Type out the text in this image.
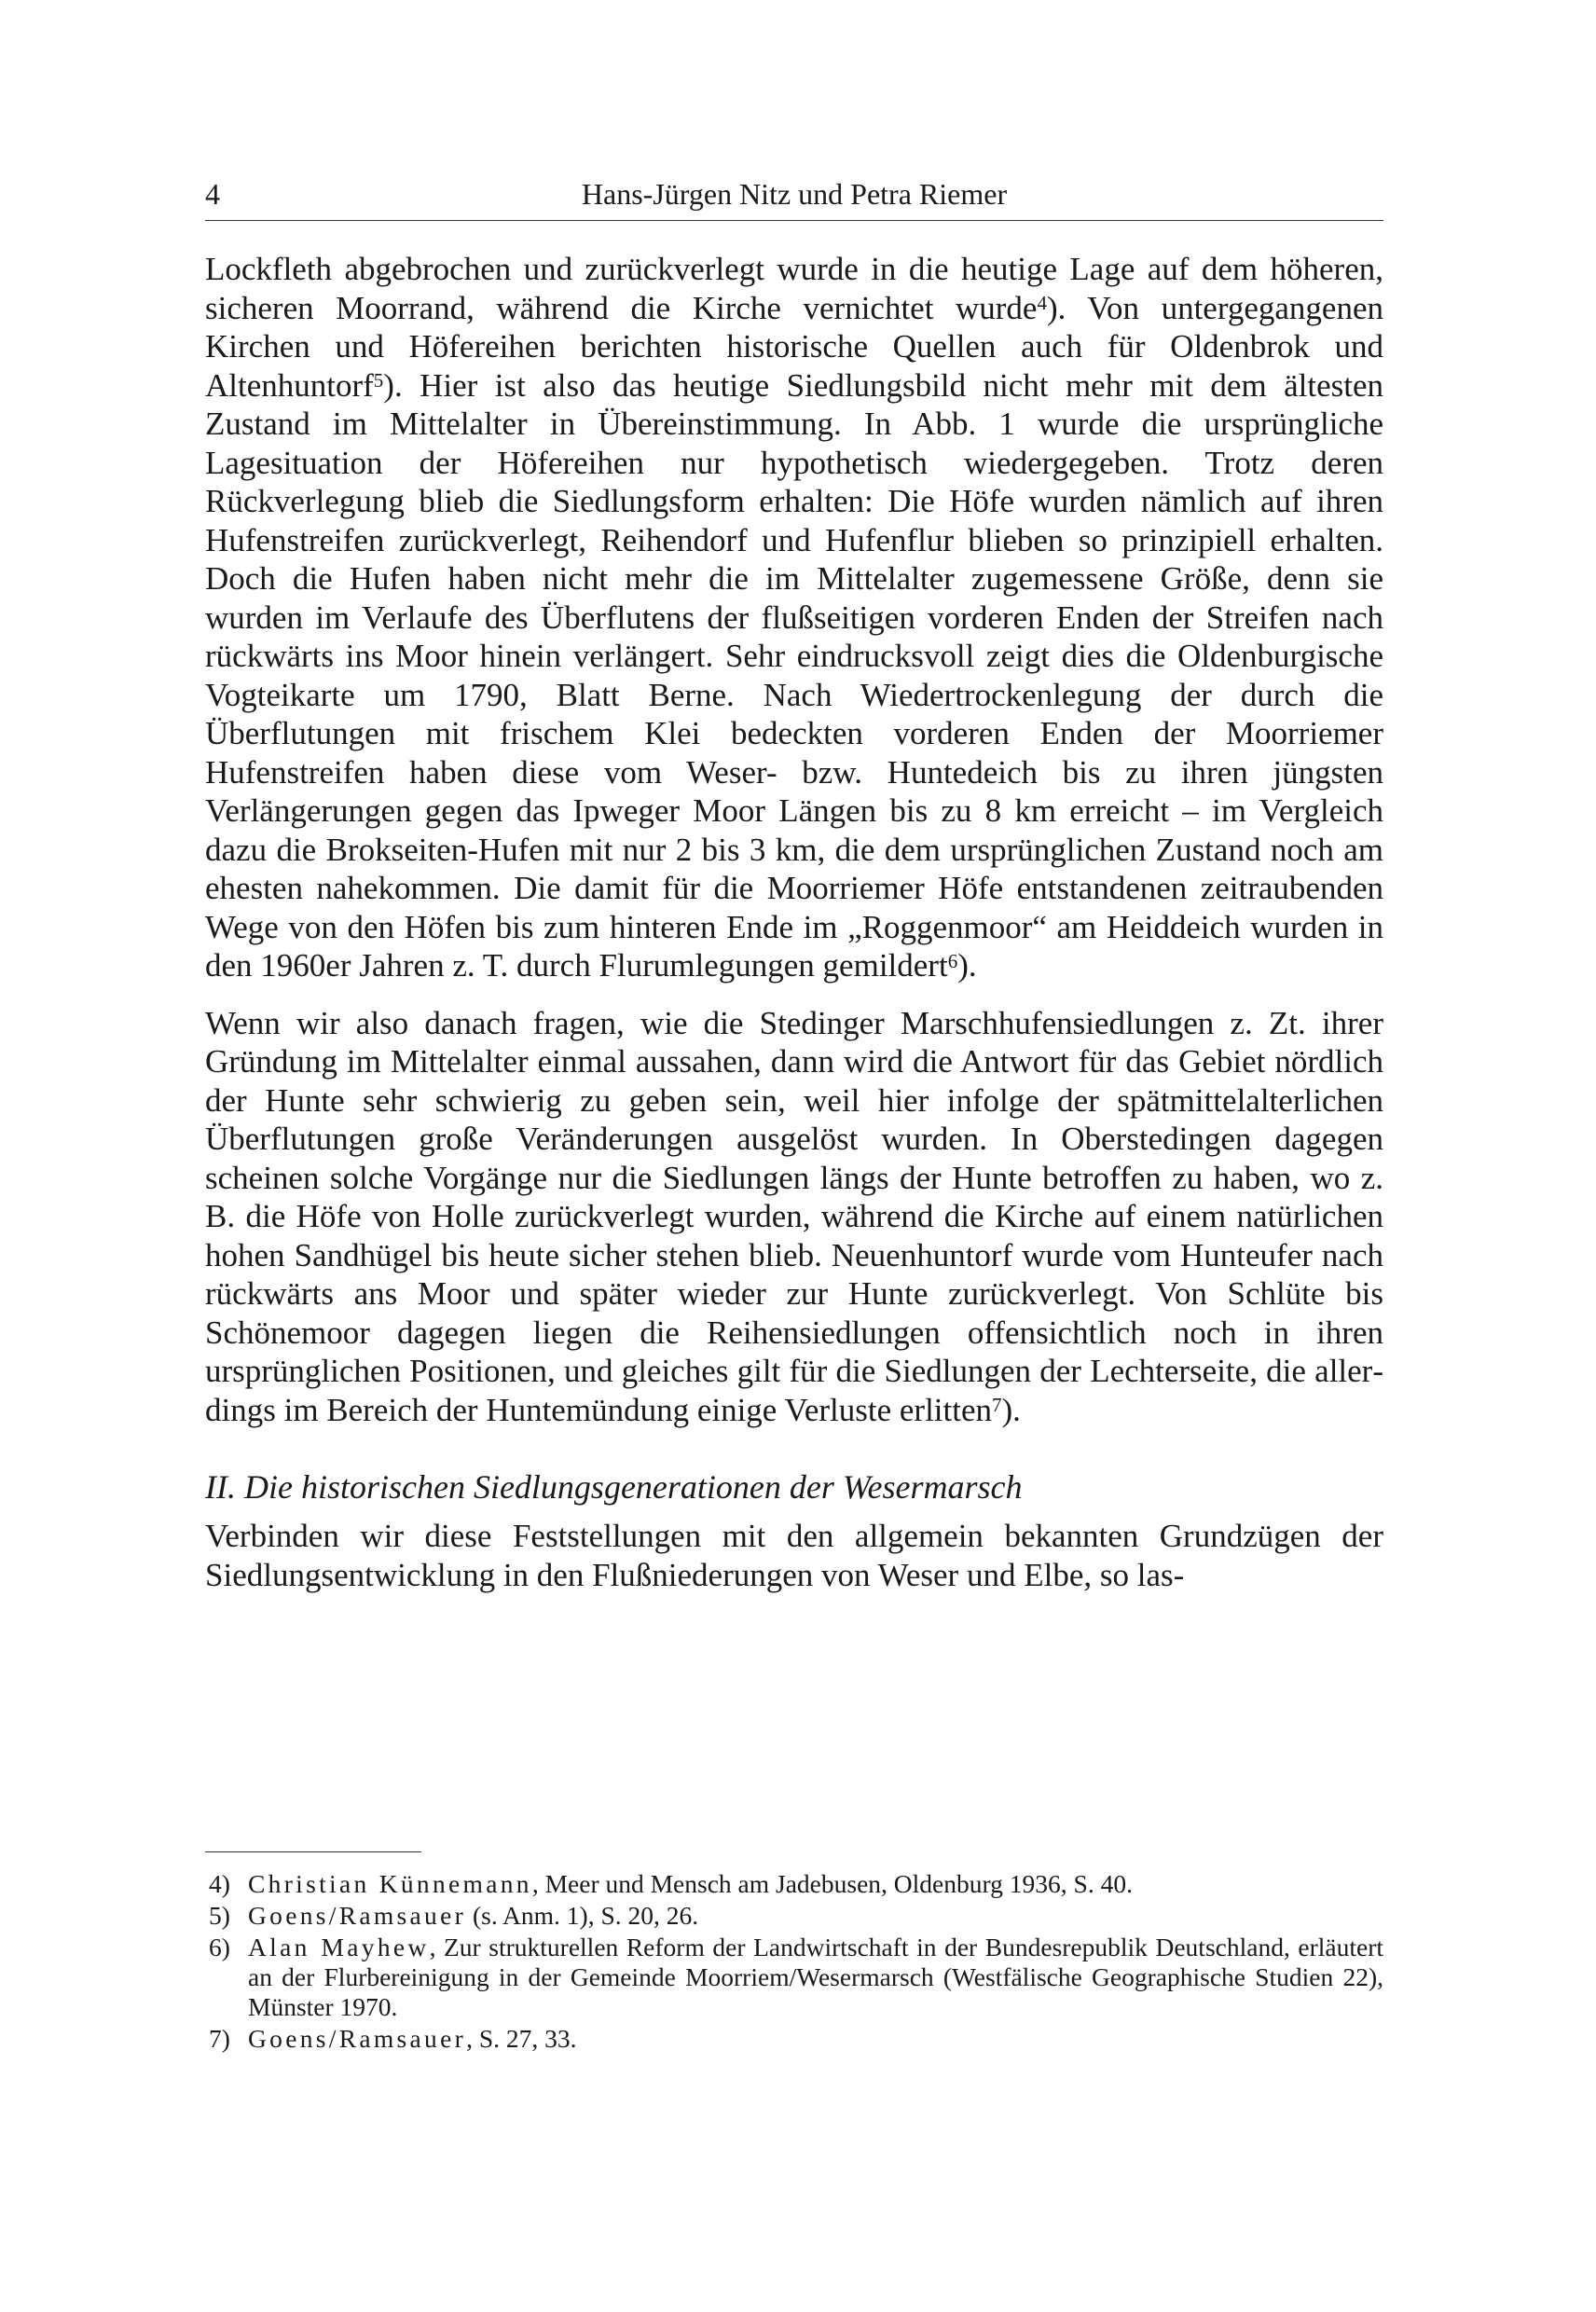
4	Hans-Jürgen Nitz und Petra Riemer

Lockfleth abgebrochen und zurückverlegt wurde in die heutige Lage auf dem höheren, sicheren Moorrand, während die Kirche vernichtet wurde$^4$). Von untergegangenen Kirchen und Höfereihen berichten historische Quellen auch für Oldenbrok und Altenhuntorf$^5$). Hier ist also das heutige Siedlungsbild nicht mehr mit dem ältesten Zustand im Mittelalter in Übereinstimmung. In Abb. 1 wurde die ursprüngliche Lagesituation der Höfereihen nur hypothetisch wiedergegeben. Trotz deren Rückverlegung blieb die Siedlungsform erhalten: Die Höfe wurden nämlich auf ihren Hufenstreifen zurückverlegt, Reihendorf und Hufenflur blieben so prinzipiell erhalten. Doch die Hufen haben nicht mehr die im Mittelalter zugemessene Größe, denn sie wurden im Verlaufe des Überflutens der flußseitigen vorderen Enden der Streifen nach rückwärts ins Moor hinein verlängert. Sehr eindrucksvoll zeigt dies die Oldenburgische Vogteikarte um 1790, Blatt Berne. Nach Wiedertrockenlegung der durch die Überflutungen mit frischem Klei bedeckten vorderen Enden der Moorriemer Hufenstreifen haben diese vom Weser- bzw. Huntedeich bis zu ihren jüngsten Verlängerungen gegen das Ipweger Moor Längen bis zu 8 km erreicht – im Vergleich dazu die Brokseiten-Hufen mit nur 2 bis 3 km, die dem ursprünglichen Zustand noch am ehesten nahekommen. Die damit für die Moorriemer Höfe entstandenen zeitraubenden Wege von den Höfen bis zum hinteren Ende im „Roggenmoor“ am Heiddeich wurden in den 1960er Jahren z. T. durch Flurumlegungen gemildert$^6$).

Wenn wir also danach fragen, wie die Stedinger Marschhufensiedlungen z. Zt. ihrer Gründung im Mittelalter einmal aussahen, dann wird die Antwort für das Gebiet nördlich der Hunte sehr schwierig zu geben sein, weil hier infolge der spätmittelalterlichen Überflutungen große Veränderungen ausgelöst wurden. In Oberstedingen dagegen scheinen solche Vorgänge nur die Siedlungen längs der Hunte betroffen zu haben, wo z. B. die Höfe von Holle zurückverlegt wurden, während die Kirche auf einem natürlichen hohen Sandhügel bis heute sicher stehen blieb. Neuenhuntorf wurde vom Hunteufer nach rückwärts ans Moor und später wieder zur Hunte zurückverlegt. Von Schlüte bis Schönemoor dagegen liegen die Reihensiedlungen offensichtlich noch in ihren ursprünglichen Positionen, und gleiches gilt für die Siedlungen der Lechterseite, die allerdings im Bereich der Huntemündung einige Verluste erlitten$^7$).

II. Die historischen Siedlungsgenerationen der Wesermarsch

Verbinden wir diese Feststellungen mit den allgemein bekannten Grundzügen der Siedlungsentwicklung in den Flußniederungen von Weser und Elbe, so las-

4) Christian Künnemann, Meer und Mensch am Jadebusen, Oldenburg 1936, S. 40.
5) Goens/Ramsauer (s. Anm. 1), S. 20, 26.
6) Alan Mayhew, Zur strukturellen Reform der Landwirtschaft in der Bundesrepublik Deutschland, erläutert an der Flurbereinigung in der Gemeinde Moorriem/Wesermarsch (Westfälische Geographische Studien 22), Münster 1970.
7) Goens/Ramsauer, S. 27, 33.
